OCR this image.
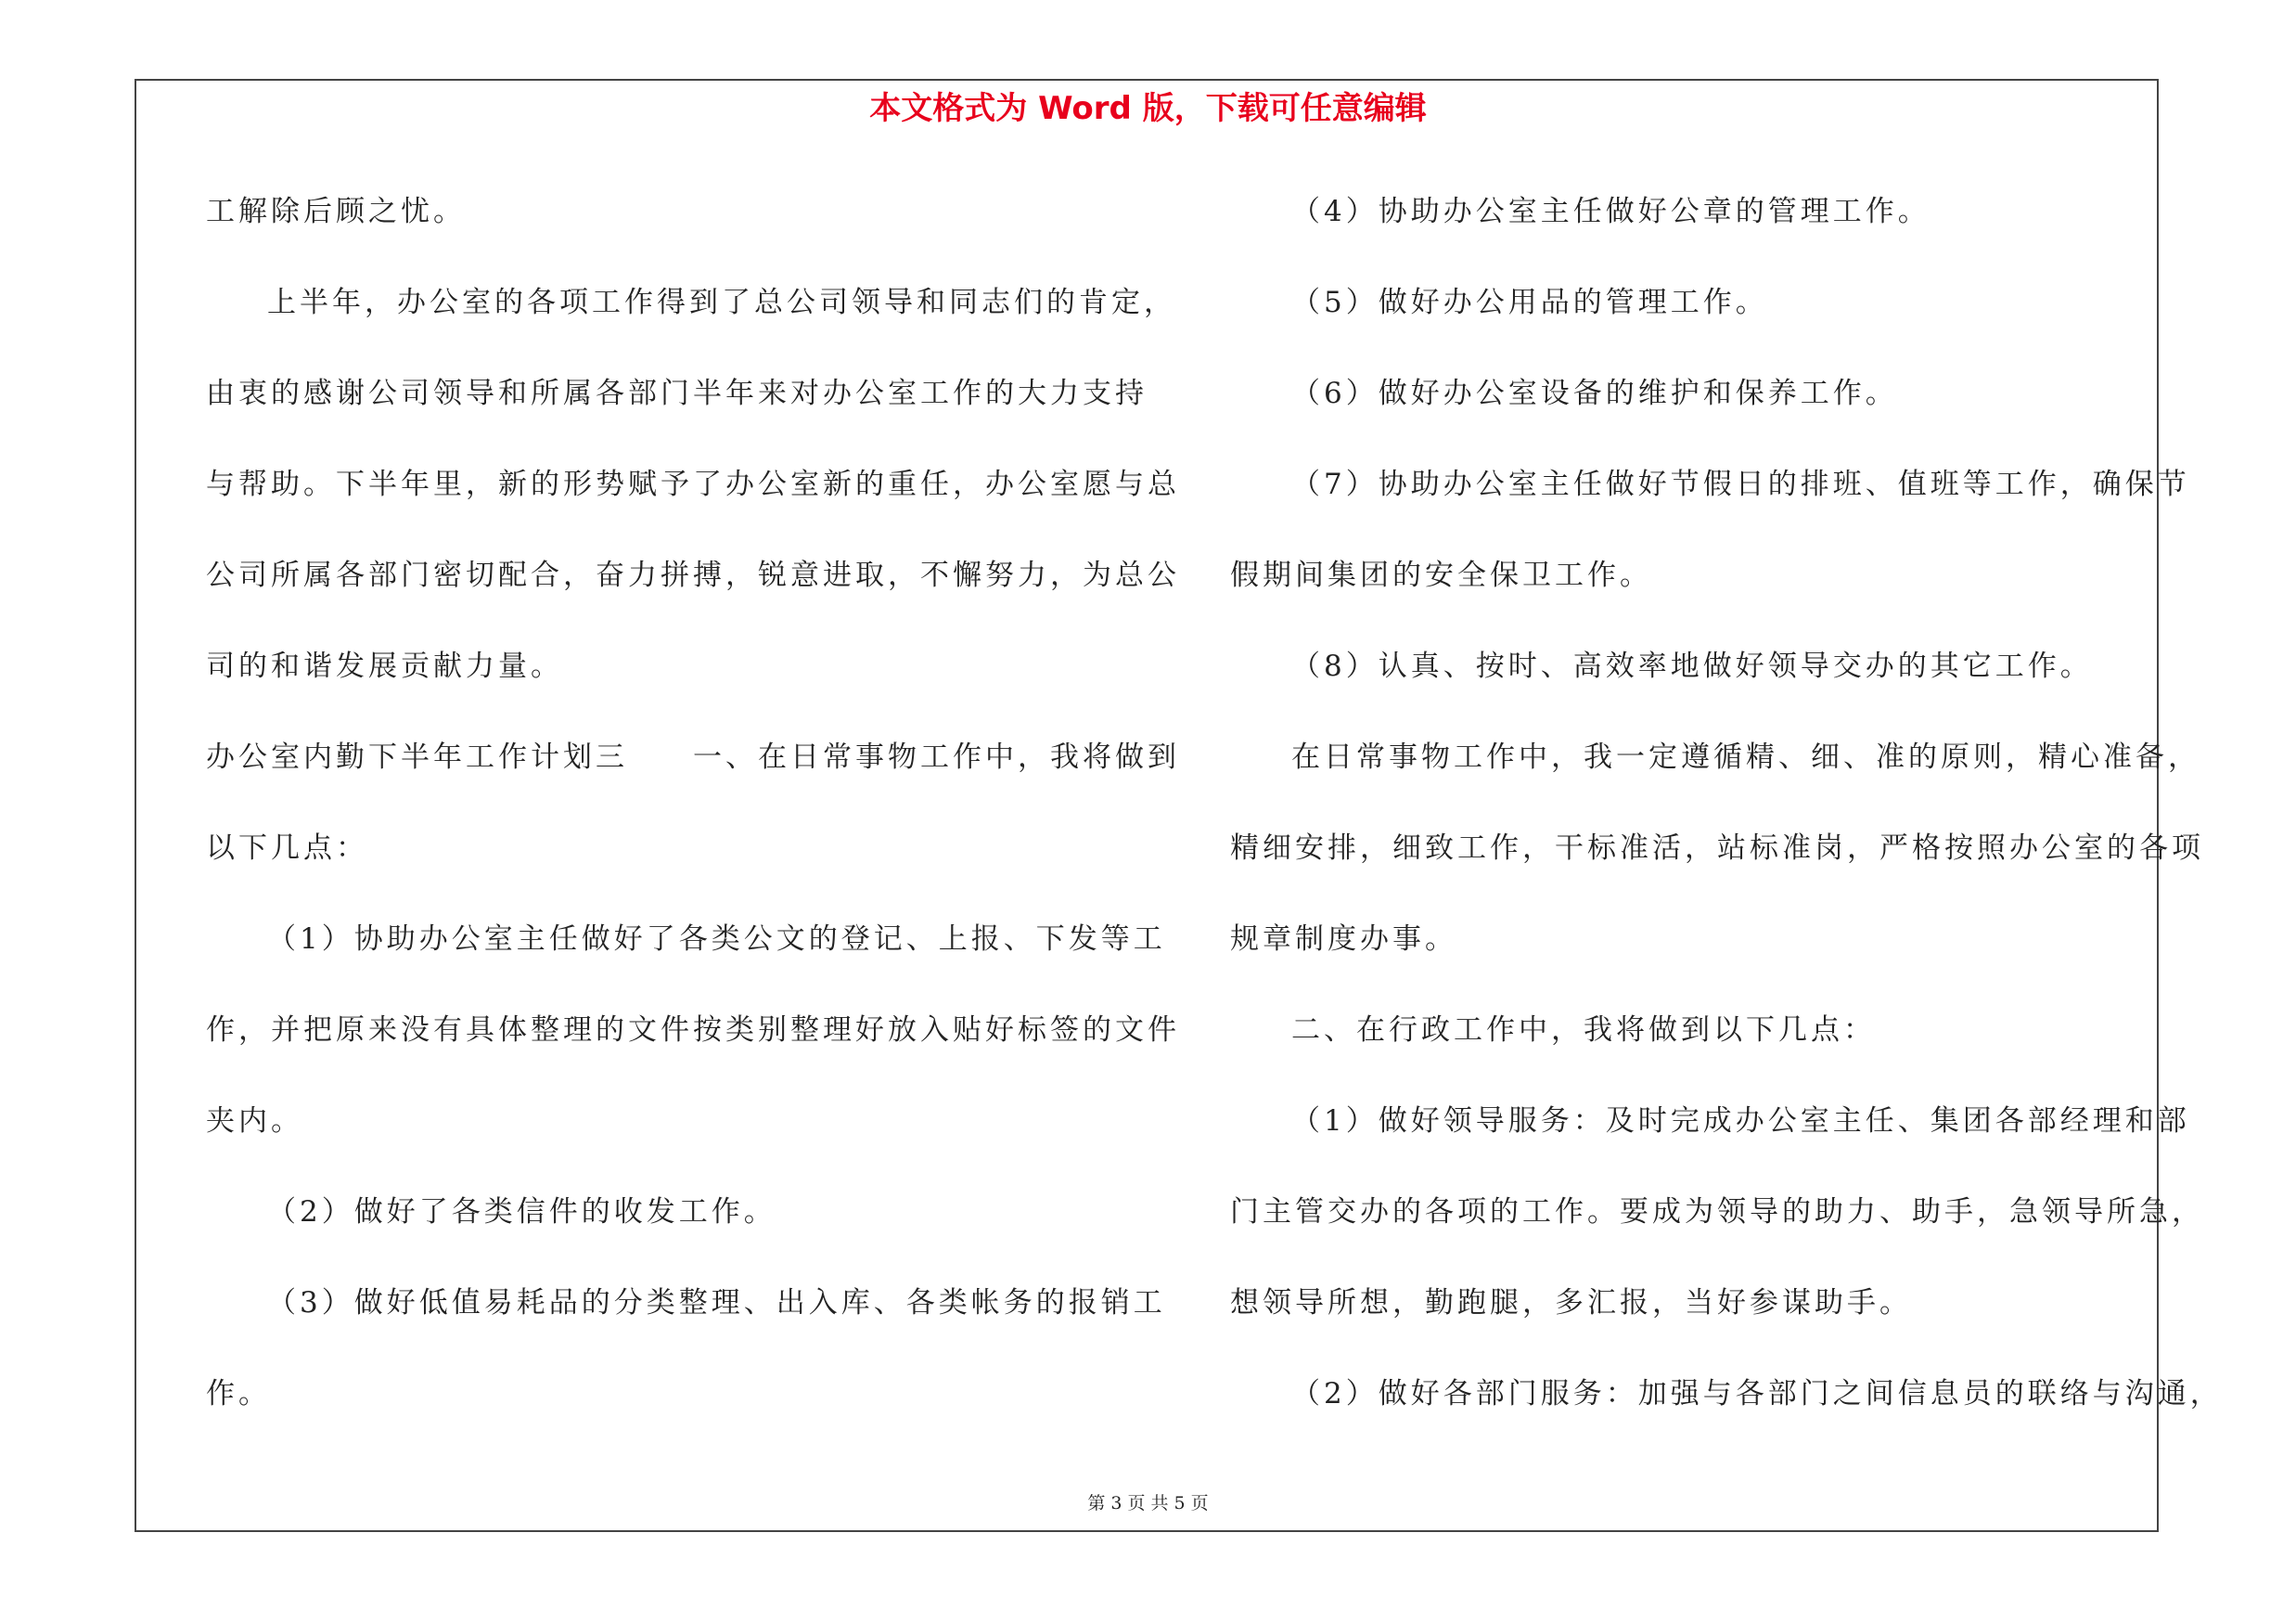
本文格式为 Word 版，下载可任意编辑
工解除后顾之忧。
上半年，办公室的各项工作得到了总公司领导和同志们的肯定，
由衷的感谢公司领导和所属各部门半年来对办公室工作的大力支持
与帮助。下半年里，新的形势赋予了办公室新的重任，办公室愿与总
公司所属各部门密切配合，奋力拼搏，锐意进取，不懈努力，为总公
司的和谐发展贡献力量。
办公室内勤下半年工作计划三　　一、在日常事物工作中，我将做到
以下几点：
（1）协助办公室主任做好了各类公文的登记、上报、下发等工
作，并把原来没有具体整理的文件按类别整理好放入贴好标签的文件
夹内。
（2）做好了各类信件的收发工作。
（3）做好低值易耗品的分类整理、出入库、各类帐务的报销工
作。
（4）协助办公室主任做好公章的管理工作。
（5）做好办公用品的管理工作。
（6）做好办公室设备的维护和保养工作。
（7）协助办公室主任做好节假日的排班、值班等工作，确保节
假期间集团的安全保卫工作。
（8）认真、按时、高效率地做好领导交办的其它工作。
在日常事物工作中，我一定遵循精、细、准的原则，精心准备，
精细安排，细致工作，干标准活，站标准岗，严格按照办公室的各项
规章制度办事。
二、在行政工作中，我将做到以下几点：
（1）做好领导服务：及时完成办公室主任、集团各部经理和部
门主管交办的各项的工作。要成为领导的助力、助手，急领导所急，
想领导所想，勤跑腿，多汇报，当好参谋助手。
（2）做好各部门服务：加强与各部门之间信息员的联络与沟通，
第 3 页 共 5 页
